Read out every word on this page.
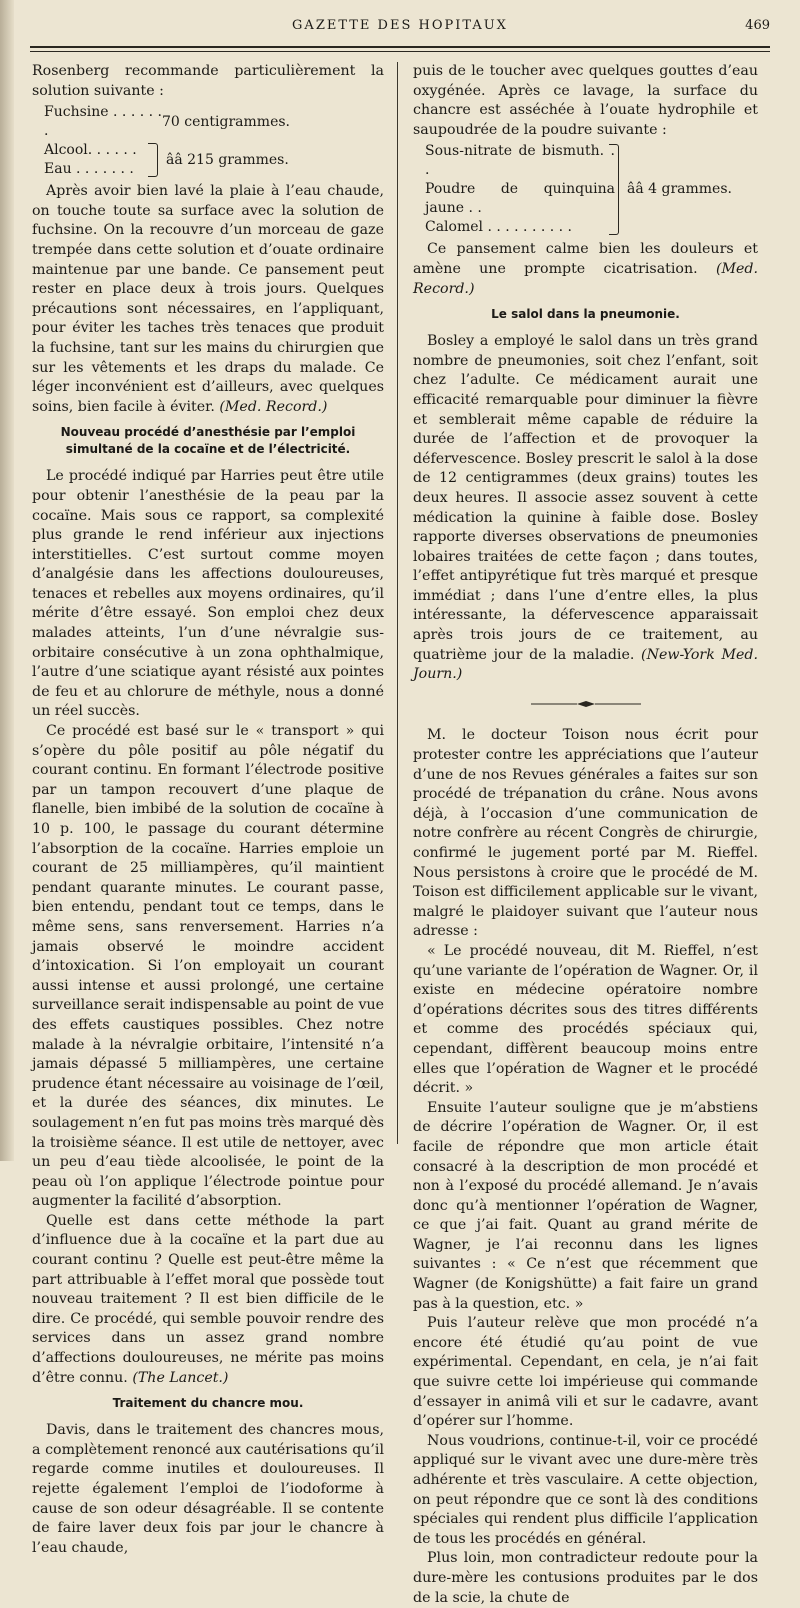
GAZETTE DES HOPITAUX	469

Rosenberg recommande particulièrement la solution suivante :

Fuchsine . . . . . . .
70 centigrammes.
Alcool. . . . . .
Eau . . . . . . .
ââ 215 grammes.

Après avoir bien lavé la plaie à l’eau chaude, on touche toute sa surface avec la solution de fuchsine. On la recouvre d’un morceau de gaze trempée dans cette solution et d’ouate ordinaire maintenue par une bande. Ce pansement peut rester en place deux à trois jours. Quelques précautions sont nécessaires, en l’appliquant, pour éviter les taches très tenaces que produit la fuchsine, tant sur les mains du chirurgien que sur les vêtements et les draps du malade. Ce léger inconvénient est d’ailleurs, avec quelques soins, bien facile à éviter. (Med. Record.)

Nouveau procédé d’anesthésie par l’emploi simultané de la cocaïne et de l’électricité.

Le procédé indiqué par Harries peut être utile pour obtenir l’anesthésie de la peau par la cocaïne. Mais sous ce rapport, sa complexité plus grande le rend inférieur aux injections interstitielles. C’est surtout comme moyen d’analgésie dans les affections douloureuses, tenaces et rebelles aux moyens ordinaires, qu’il mérite d’être essayé. Son emploi chez deux malades atteints, l’un d’une névralgie sus-orbitaire consécutive à un zona ophthalmique, l’autre d’une sciatique ayant résisté aux pointes de feu et au chlorure de méthyle, nous a donné un réel succès.

Ce procédé est basé sur le « transport » qui s’opère du pôle positif au pôle négatif du courant continu. En formant l’électrode positive par un tampon recouvert d’une plaque de flanelle, bien imbibé de la solution de cocaïne à 10 p. 100, le passage du courant détermine l’absorption de la cocaïne. Harries emploie un courant de 25 milliampères, qu’il maintient pendant quarante minutes. Le courant passe, bien entendu, pendant tout ce temps, dans le même sens, sans renversement. Harries n’a jamais observé le moindre accident d’intoxication. Si l’on employait un courant aussi intense et aussi prolongé, une certaine surveillance serait indispensable au point de vue des effets caustiques possibles. Chez notre malade à la névralgie orbitaire, l’intensité n’a jamais dépassé 5 milliampères, une certaine prudence étant nécessaire au voisinage de l’œil, et la durée des séances, dix minutes. Le soulagement n’en fut pas moins très marqué dès la troisième séance. Il est utile de nettoyer, avec un peu d’eau tiède alcoolisée, le point de la peau où l’on applique l’électrode pointue pour augmenter la facilité d’absorption.

Quelle est dans cette méthode la part d’influence due à la cocaïne et la part due au courant continu ? Quelle est peut-être même la part attribuable à l’effet moral que possède tout nouveau traitement ? Il est bien difficile de le dire. Ce procédé, qui semble pouvoir rendre des services dans un assez grand nombre d’affections douloureuses, ne mérite pas moins d’être connu. (The Lancet.)

Traitement du chancre mou.

Davis, dans le traitement des chancres mous, a complètement renoncé aux cautérisations qu’il regarde comme inutiles et douloureuses. Il rejette également l’emploi de l’iodoforme à cause de son odeur désagréable. Il se contente de faire laver deux fois par jour le chancre à l’eau chaude,

puis de le toucher avec quelques gouttes d’eau oxygénée. Après ce lavage, la surface du chancre est asséchée à l’ouate hydrophile et saupoudrée de la poudre suivante :

Sous-nitrate de bismuth. . .
Poudre de quinquina jaune . .
Calomel . . . . . . . . . .
ââ 4 grammes.

Ce pansement calme bien les douleurs et amène une prompte cicatrisation. (Med. Record.)

Le salol dans la pneumonie.

Bosley a employé le salol dans un très grand nombre de pneumonies, soit chez l’enfant, soit chez l’adulte. Ce médicament aurait une efficacité remarquable pour diminuer la fièvre et semblerait même capable de réduire la durée de l’affection et de provoquer la défervescence. Bosley prescrit le salol à la dose de 12 centigrammes (deux grains) toutes les deux heures. Il associe assez souvent à cette médication la quinine à faible dose. Bosley rapporte diverses observations de pneumonies lobaires traitées de cette façon ; dans toutes, l’effet antipyrétique fut très marqué et presque immédiat ; dans l’une d’entre elles, la plus intéressante, la défervescence apparaissait après trois jours de ce traitement, au quatrième jour de la maladie. (New-York Med. Journ.)

M. le docteur Toison nous écrit pour protester contre les appréciations que l’auteur d’une de nos Revues générales a faites sur son procédé de trépanation du crâne. Nous avons déjà, à l’occasion d’une communication de notre confrère au récent Congrès de chirurgie, confirmé le jugement porté par M. Rieffel. Nous persistons à croire que le procédé de M. Toison est difficilement applicable sur le vivant, malgré le plaidoyer suivant que l’auteur nous adresse :

« Le procédé nouveau, dit M. Rieffel, n’est qu’une variante de l’opération de Wagner. Or, il existe en médecine opératoire nombre d’opérations décrites sous des titres différents et comme des procédés spéciaux qui, cependant, diffèrent beaucoup moins entre elles que l’opération de Wagner et le procédé décrit. »

Ensuite l’auteur souligne que je m’abstiens de décrire l’opération de Wagner. Or, il est facile de répondre que mon article était consacré à la description de mon procédé et non à l’exposé du procédé allemand. Je n’avais donc qu’à mentionner l’opération de Wagner, ce que j’ai fait. Quant au grand mérite de Wagner, je l’ai reconnu dans les lignes suivantes : « Ce n’est que récemment que Wagner (de Konigshütte) a fait faire un grand pas à la question, etc. »

Puis l’auteur relève que mon procédé n’a encore été étudié qu’au point de vue expérimental. Cependant, en cela, je n’ai fait que suivre cette loi impérieuse qui commande d’essayer in animâ vili et sur le cadavre, avant d’opérer sur l’homme.

Nous voudrions, continue-t-il, voir ce procédé appliqué sur le vivant avec une dure-mère très adhérente et très vasculaire. A cette objection, on peut répondre que ce sont là des conditions spéciales qui rendent plus difficile l’application de tous les procédés en général.

Plus loin, mon contradicteur redoute pour la dure-mère les contusions produites par le dos de la scie, la chute de
